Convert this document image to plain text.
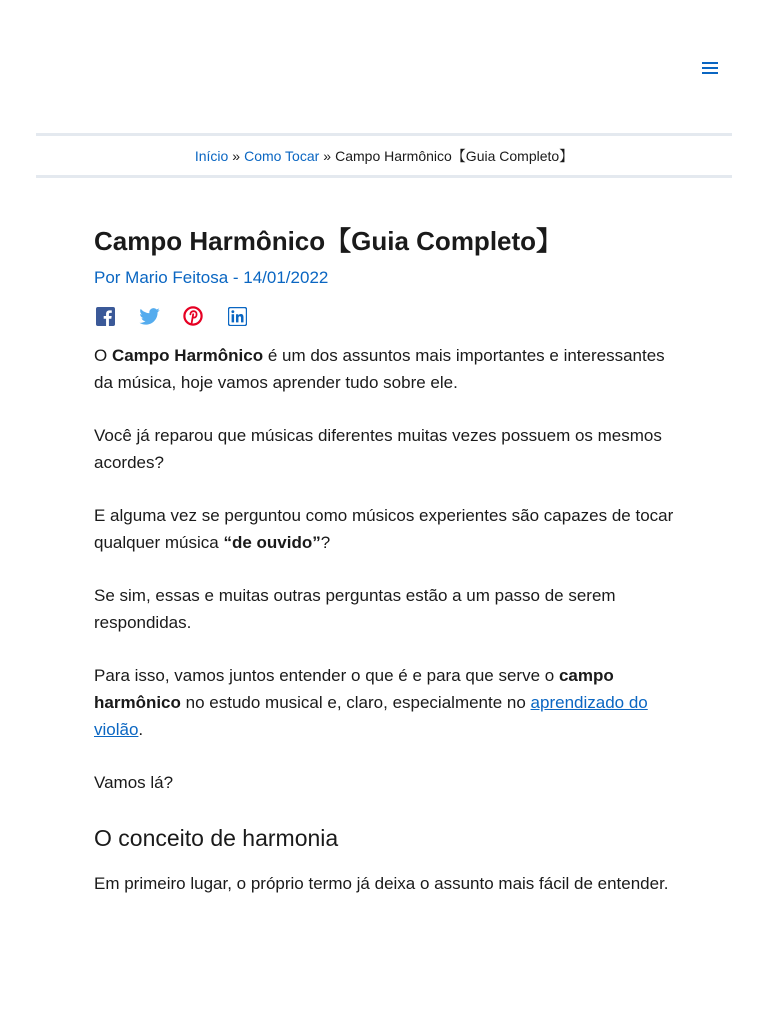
Início » Como Tocar » Campo Harmônico【Guia Completo】
Campo Harmônico【Guia Completo】
Por Mario Feitosa - 14/01/2022

O Campo Harmônico é um dos assuntos mais importantes e interessantes da música, hoje vamos aprender tudo sobre ele.

Você já reparou que músicas diferentes muitas vezes possuem os mesmos acordes?

E alguma vez se perguntou como músicos experientes são capazes de tocar qualquer música “de ouvido”?

Se sim, essas e muitas outras perguntas estão a um passo de serem respondidas.

Para isso, vamos juntos entender o que é e para que serve o campo harmônico no estudo musical e, claro, especialmente no aprendizado do violão.

Vamos lá?

O conceito de harmonia

Em primeiro lugar, o próprio termo já deixa o assunto mais fácil de entender.
